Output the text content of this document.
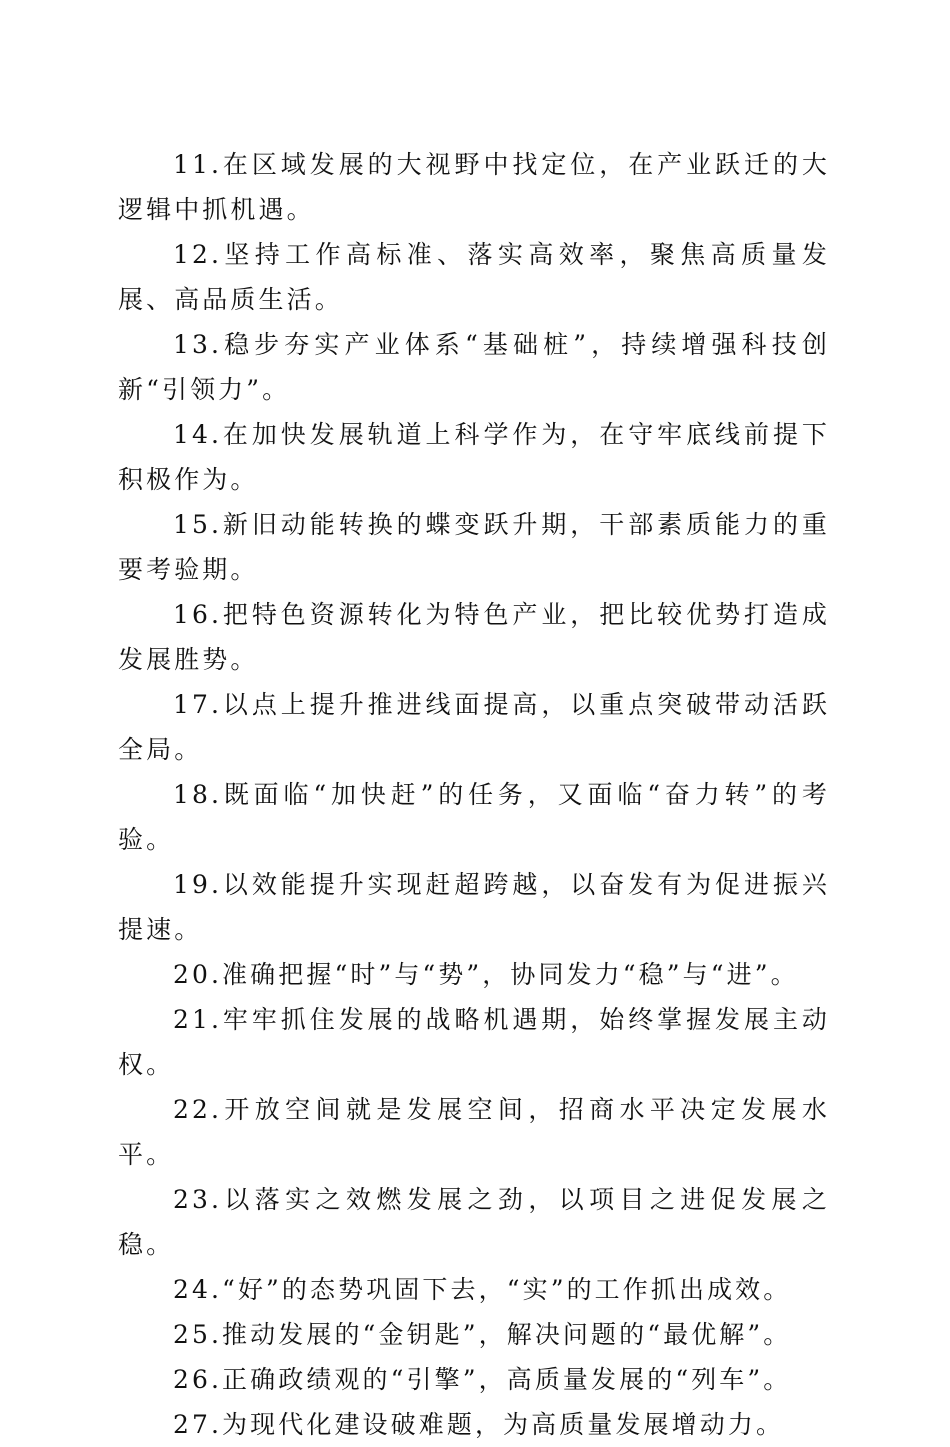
11.在区域发展的大视野中找定位，在产业跃迁的大逻辑中抓机遇。

12.坚持工作高标准、落实高效率，聚焦高质量发展、高品质生活。

13.稳步夯实产业体系“基础桩”，持续增强科技创新“引领力”。

14.在加快发展轨道上科学作为，在守牢底线前提下积极作为。

15.新旧动能转换的蝶变跃升期，干部素质能力的重要考验期。

16.把特色资源转化为特色产业，把比较优势打造成发展胜势。

17.以点上提升推进线面提高，以重点突破带动活跃全局。

18.既面临“加快赶”的任务，又面临“奋力转”的考验。

19.以效能提升实现赶超跨越，以奋发有为促进振兴提速。

20.准确把握“时”与“势”，协同发力“稳”与“进”。

21.牢牢抓住发展的战略机遇期，始终掌握发展主动权。

22.开放空间就是发展空间，招商水平决定发展水平。

23.以落实之效燃发展之劲，以项目之进促发展之稳。

24.“好”的态势巩固下去，“实”的工作抓出成效。

25.推动发展的“金钥匙”，解决问题的“最优解”。

26.正确政绩观的“引擎”，高质量发展的“列车”。

27.为现代化建设破难题，为高质量发展增动力。
